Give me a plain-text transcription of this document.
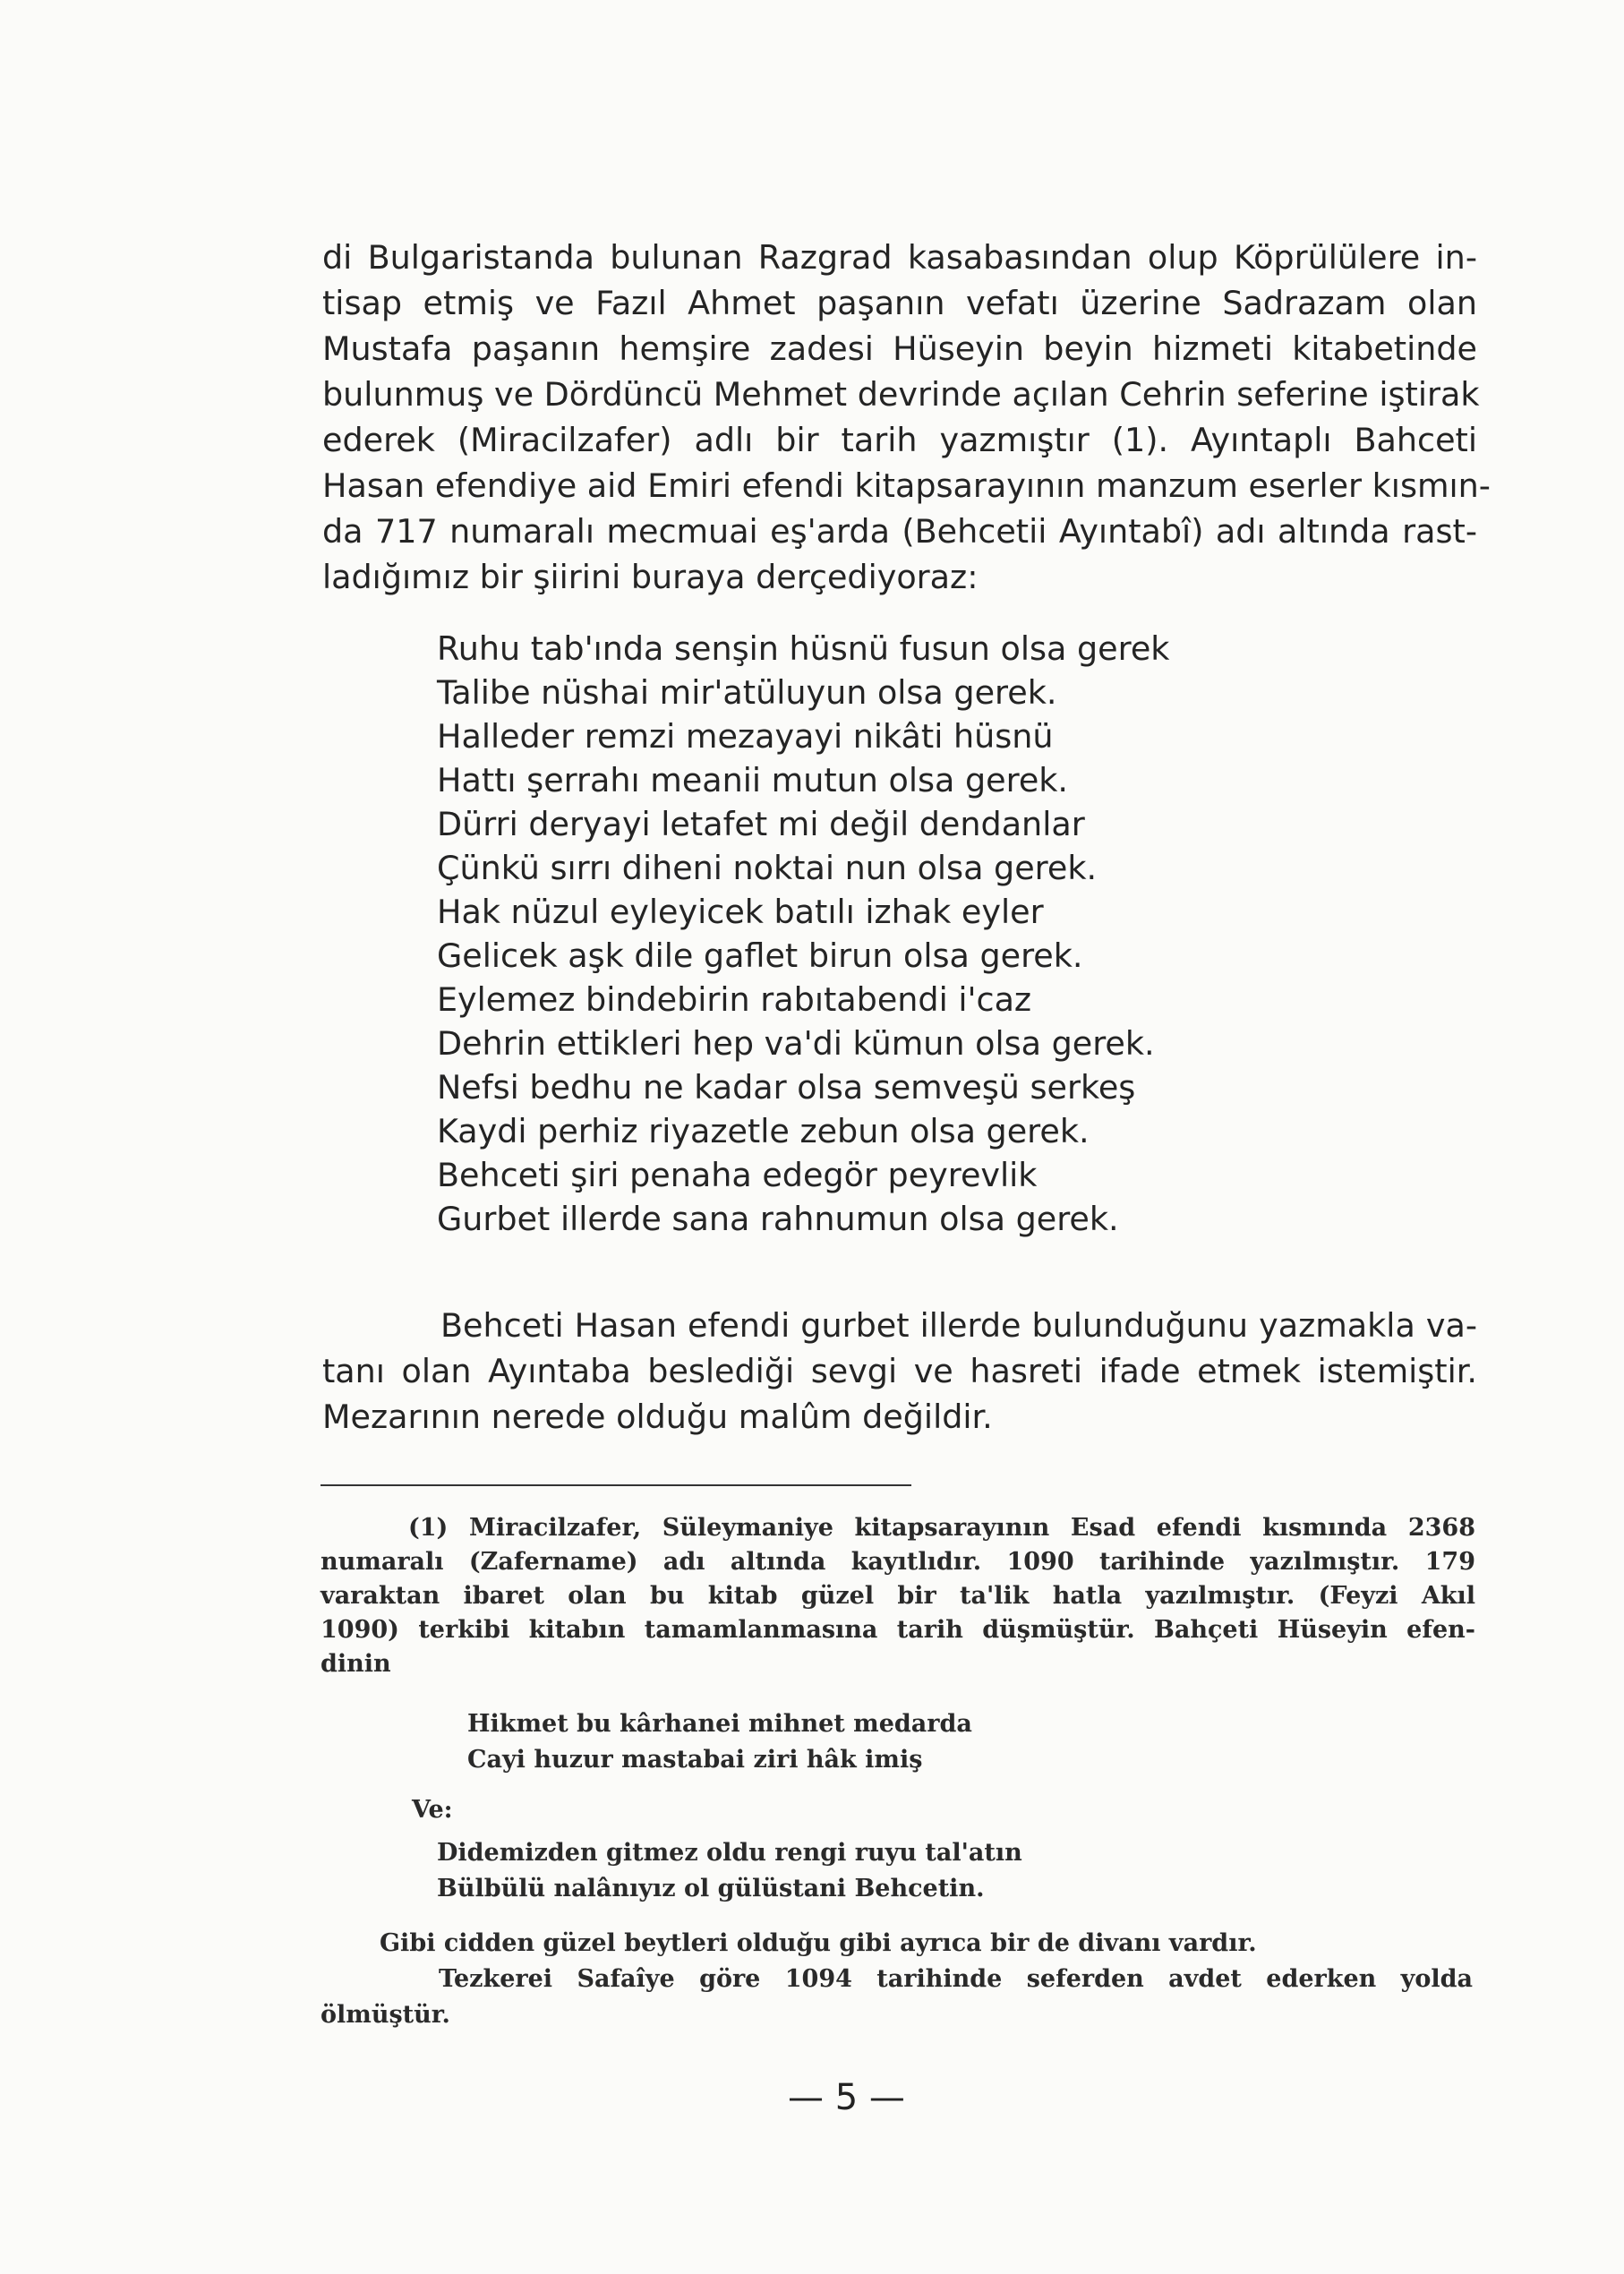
di Bulgaristanda bulunan Razgrad kasabasından olup Köprülülere in-
tisap etmiş ve Fazıl Ahmet paşanın vefatı üzerine Sadrazam olan
Mustafa paşanın hemşire zadesi Hüseyin beyin hizmeti kitabetinde
bulunmuş ve Dördüncü Mehmet devrinde açılan Cehrin seferine iştirak
ederek (Miracilzafer) adlı bir tarih yazmıştır (1). Ayıntaplı Bahceti
Hasan efendiye aid Emiri efendi kitapsarayının manzum eserler kısmın-
da 717 numaralı mecmuai eş'arda (Behcetii Ayıntabî) adı altında rast-
ladığımız bir şiirini buraya derçediyoraz:
Ruhu tab'ında senşin hüsnü fusun olsa gerek
Talibe nüshai mir'atüluyun olsa gerek.
Halleder remzi mezayayi nikâti hüsnü
Hattı şerrahı meanii mutun olsa gerek.
Dürri deryayi letafet mi değil dendanlar
Çünkü sırrı diheni noktai nun olsa gerek.
Hak nüzul eyleyicek batılı izhak eyler
Gelicek aşk dile gaflet birun olsa gerek.
Eylemez bindebirin rabıtabendi i'caz
Dehrin ettikleri hep va'di kümun olsa gerek.
Nefsi bedhu ne kadar olsa semveşü serkeş
Kaydi perhiz riyazetle zebun olsa gerek.
Behceti şiri penaha edegör peyrevlik
Gurbet illerde sana rahnumun olsa gerek.
Behceti Hasan efendi gurbet illerde bulunduğunu yazmakla va-
tanı olan Ayıntaba beslediği sevgi ve hasreti ifade etmek istemiştir.
Mezarının nerede olduğu malûm değildir.
(1) Miracilzafer, Süleymaniye kitapsarayının Esad efendi kısmında 2368
numaralı (Zafername) adı altında kayıtlıdır. 1090 tarihinde yazılmıştır. 179
varaktan ibaret olan bu kitab güzel bir ta'lik hatla yazılmıştır. (Feyzi Akıl
1090) terkibi kitabın tamamlanmasına tarih düşmüştür. Bahçeti Hüseyin efen-
dinin
Hikmet bu kârhanei mihnet medarda
Cayi huzur mastabai ziri hâk imiş
Ve:
Didemizden gitmez oldu rengi ruyu tal'atın
Bülbülü nalânıyız ol gülüstani Behcetin.
Gibi cidden güzel beytleri olduğu gibi ayrıca bir de divanı vardır.
Tezkerei Safaîye göre 1094 tarihinde seferden avdet ederken yolda
ölmüştür.
— 5 —
